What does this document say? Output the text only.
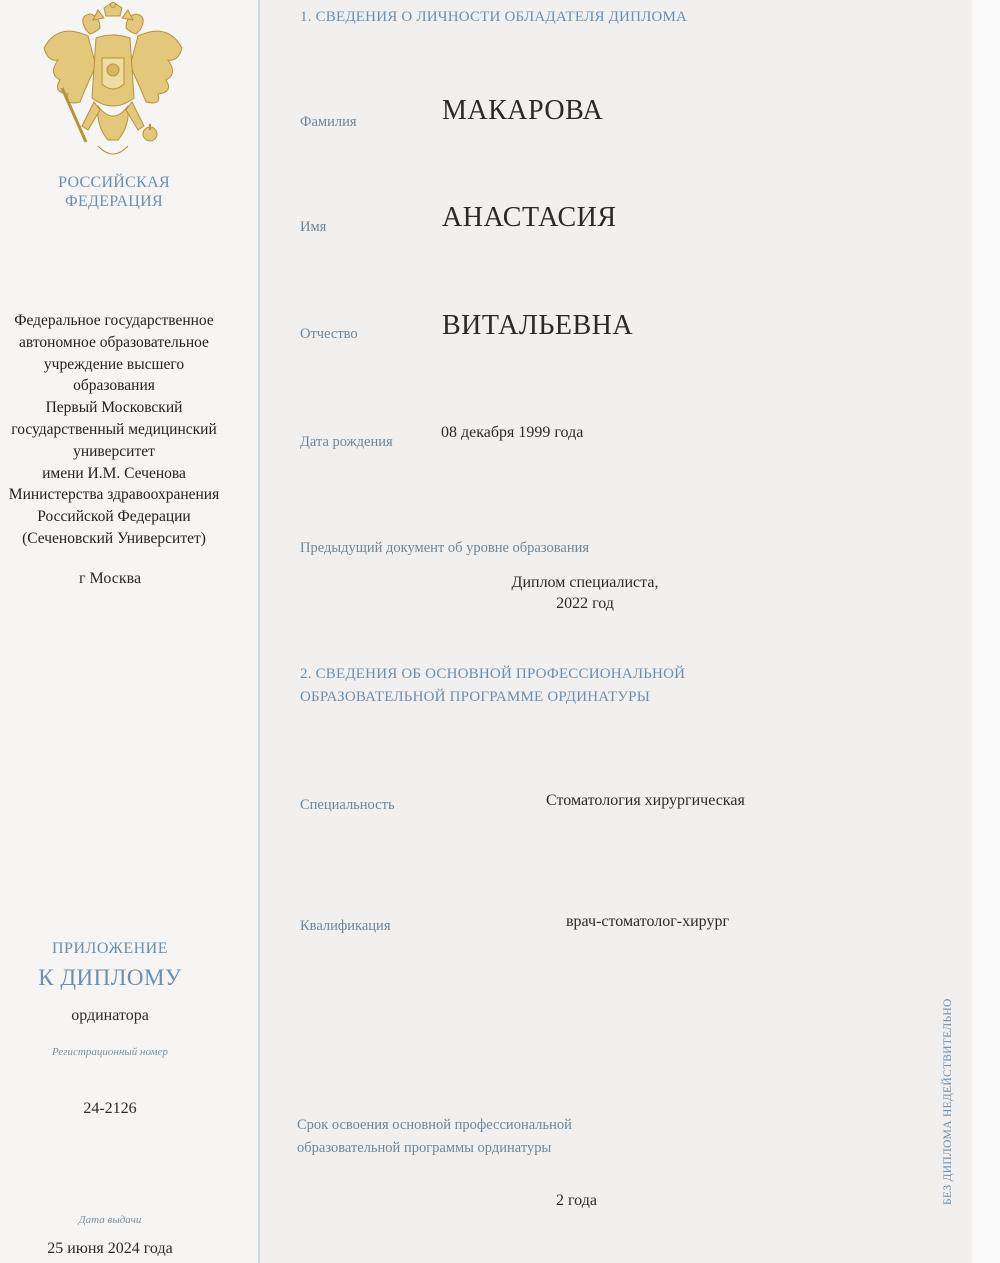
РОССИЙСКАЯ
ФЕДЕРАЦИЯ
Федеральное государственное
автономное образовательное
учреждение высшего
образования
Первый Московский
государственный медицинский
университет
имени И.М. Сеченова
Министерства здравоохранения
Российской Федерации
(Сеченовский Университет)
г Москва
ПРИЛОЖЕНИЕ
К ДИПЛОМУ
ординатора
Регистрационный номер
24-2126
Дата выдачи
25 июня 2024 года
1. СВЕДЕНИЯ О ЛИЧНОСТИ ОБЛАДАТЕЛЯ ДИПЛОМА
Фамилия	МАКАРОВА
Имя	АНАСТАСИЯ
Отчество	ВИТАЛЬЕВНА
Дата рождения
08 декабря 1999 года
Предыдущий документ об уровне образования
Диплом специалиста,
2022 год
2. СВЕДЕНИЯ ОБ ОСНОВНОЙ ПРОФЕССИОНАЛЬНОЙ
ОБРАЗОВАТЕЛЬНОЙ ПРОГРАММЕ ОРДИНАТУРЫ
Специальность	Стоматология хирургическая
Квалификация	врач-стоматолог-хирург
Срок освоения основной профессиональной
образовательной программы ординатуры
2 года	БЕЗ ДИПЛОМА НЕДЕЙСТВИТЕЛЬНО
